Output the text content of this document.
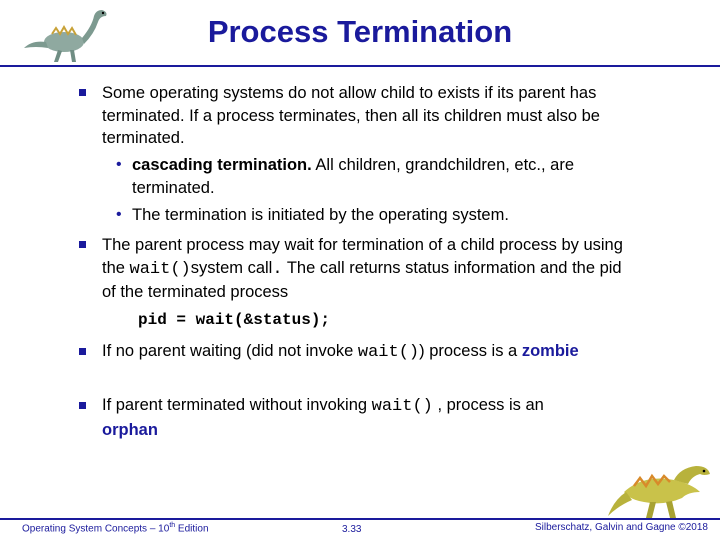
Process Termination
Some operating systems do not allow child to exists if its parent has terminated. If a process terminates, then all its children must also be terminated.
• cascading termination. All children, grandchildren, etc., are terminated.
• The termination is initiated by the operating system.
The parent process may wait for termination of a child process by using the wait()system call. The call returns status information and the pid of the terminated process
pid = wait(&status);
If no parent waiting (did not invoke wait()) process is a zombie
If parent terminated without invoking wait() , process is an
orphan
Operating System Concepts – 10th Edition	3.33	Silberschatz, Galvin and Gagne ©2018
